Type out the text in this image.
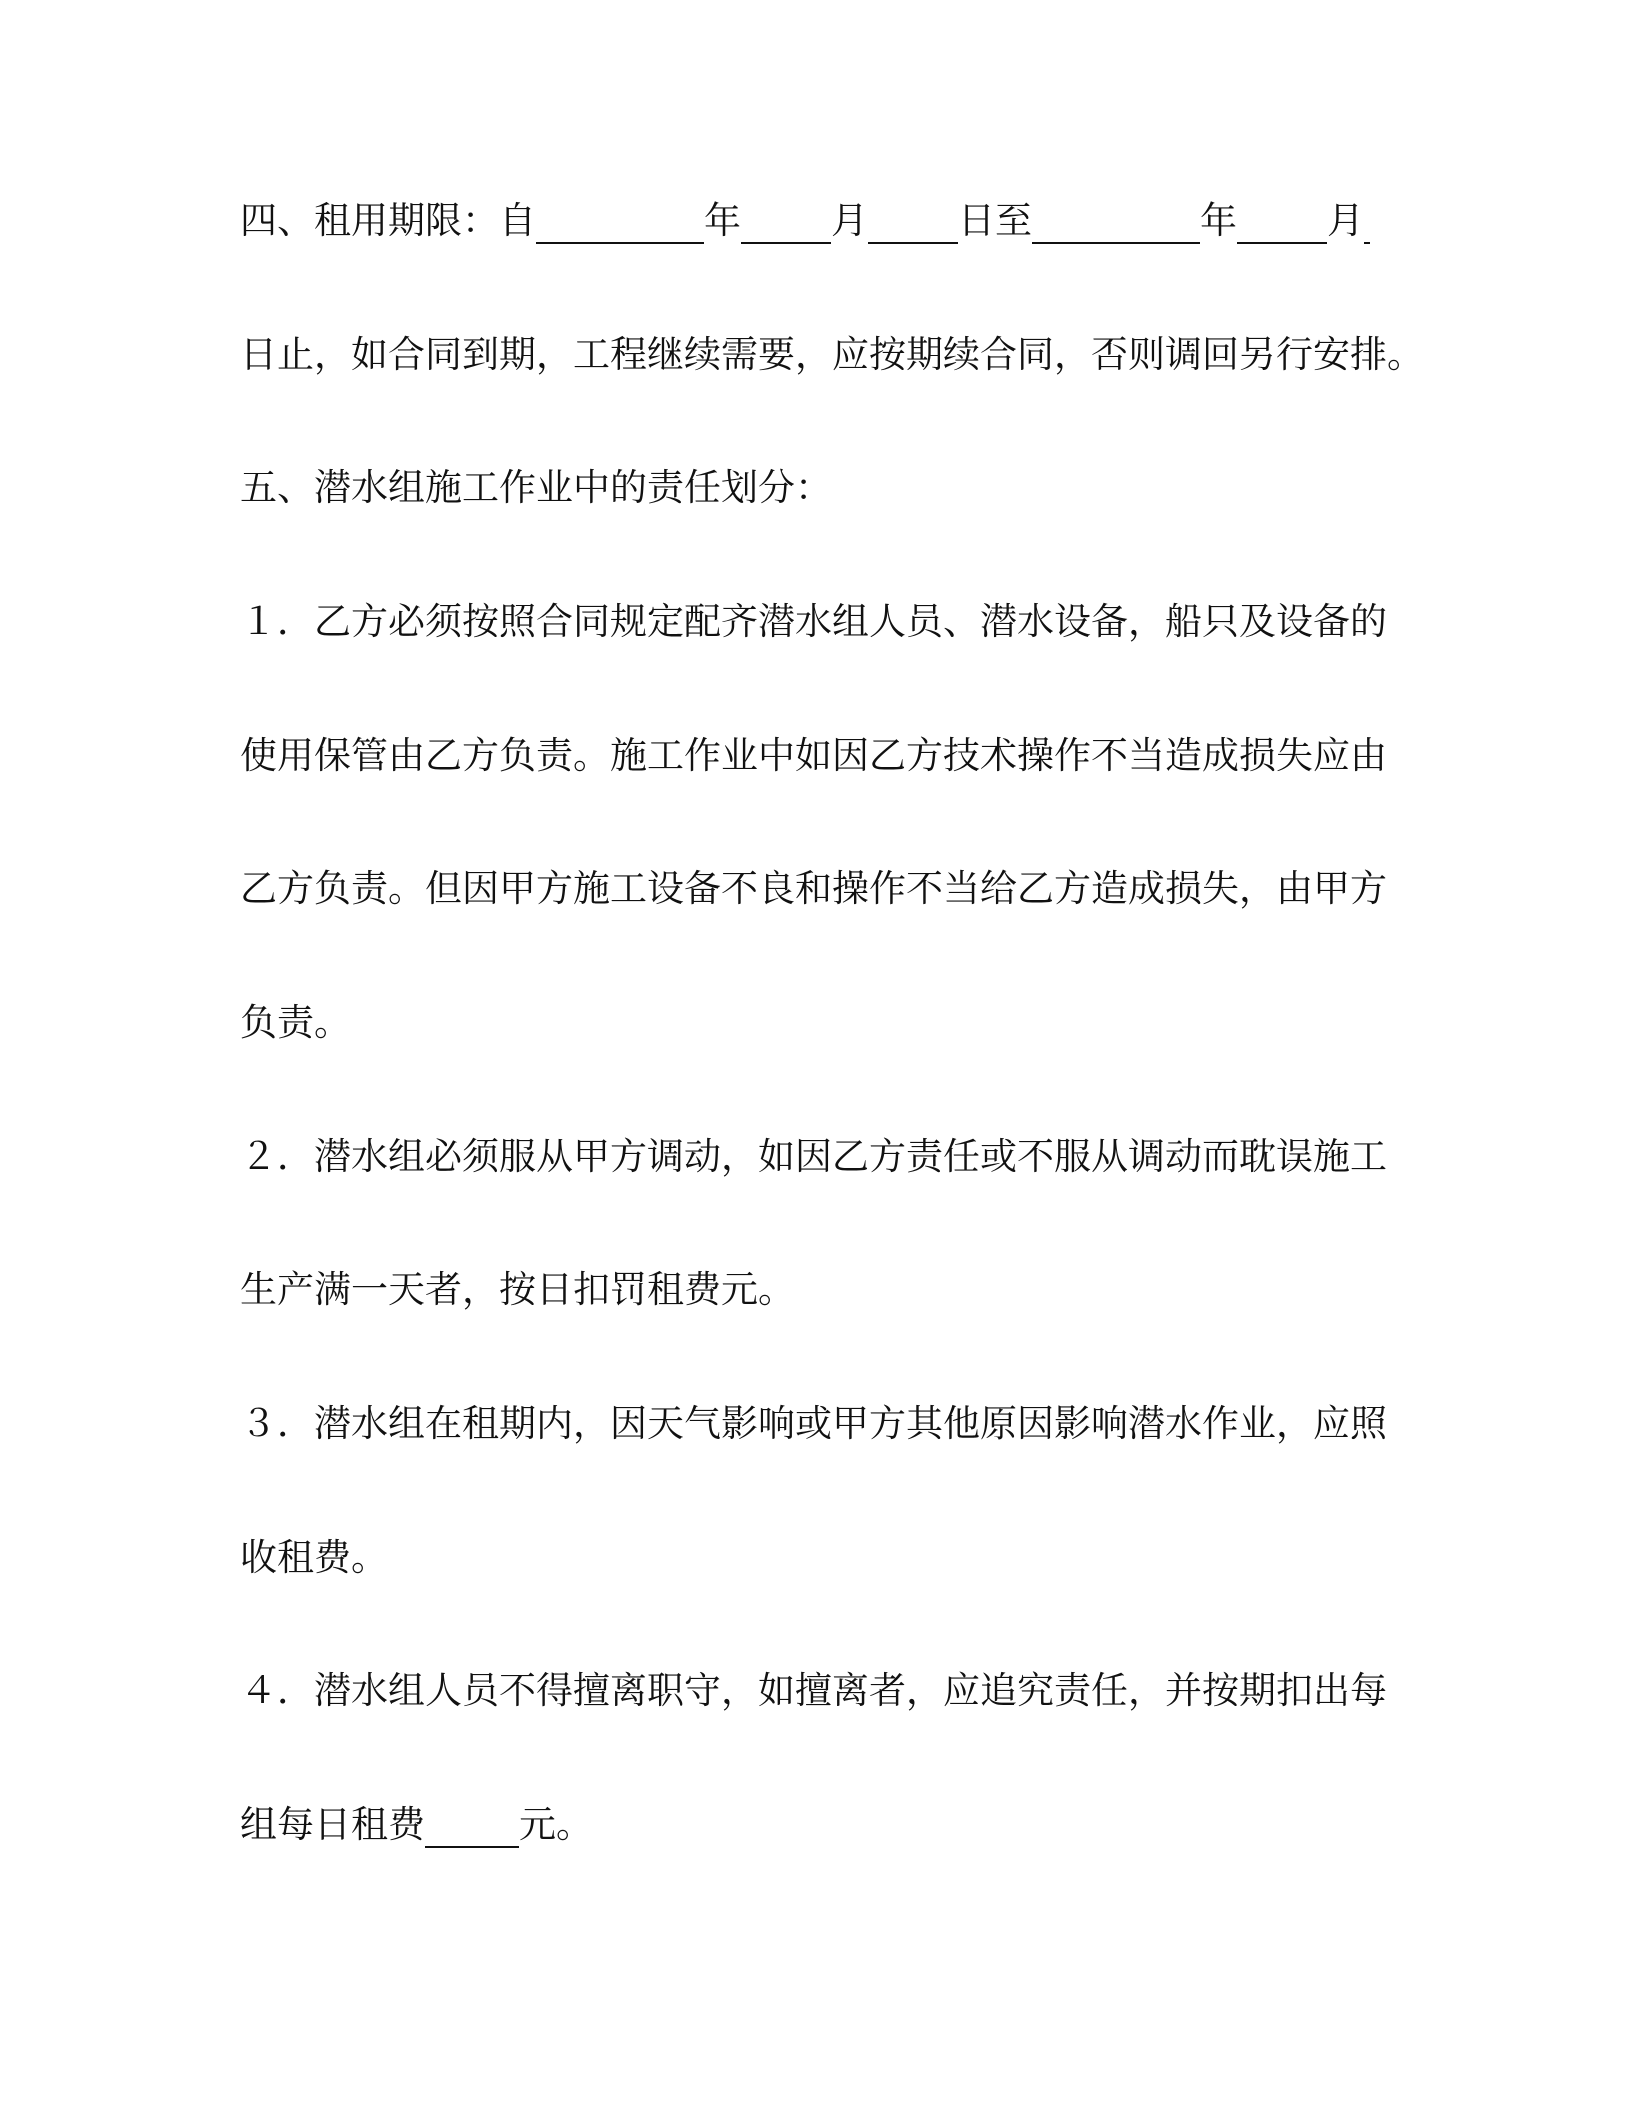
四、租用期限：自	年 月 日至	年 月
日止，如合同到期，工程继续需要，应按期续合同，否则调回另行安排。
五、潜水组施工作业中的责任划分：
１．乙方必须按照合同规定配齐潜水组人员、潜水设备，船只及设备的
使用保管由乙方负责。施工作业中如因乙方技术操作不当造成损失应由
乙方负责。但因甲方施工设备不良和操作不当给乙方造成损失，由甲方
负责。
２．潜水组必须服从甲方调动，如因乙方责任或不服从调动而耽误施工
生产满一天者，按日扣罚租费元。
３．潜水组在租期内，因天气影响或甲方其他原因影响潜水作业，应照
收租费。
４．潜水组人员不得擅离职守，如擅离者，应追究责任，并按期扣出每
组每日租费	元。
